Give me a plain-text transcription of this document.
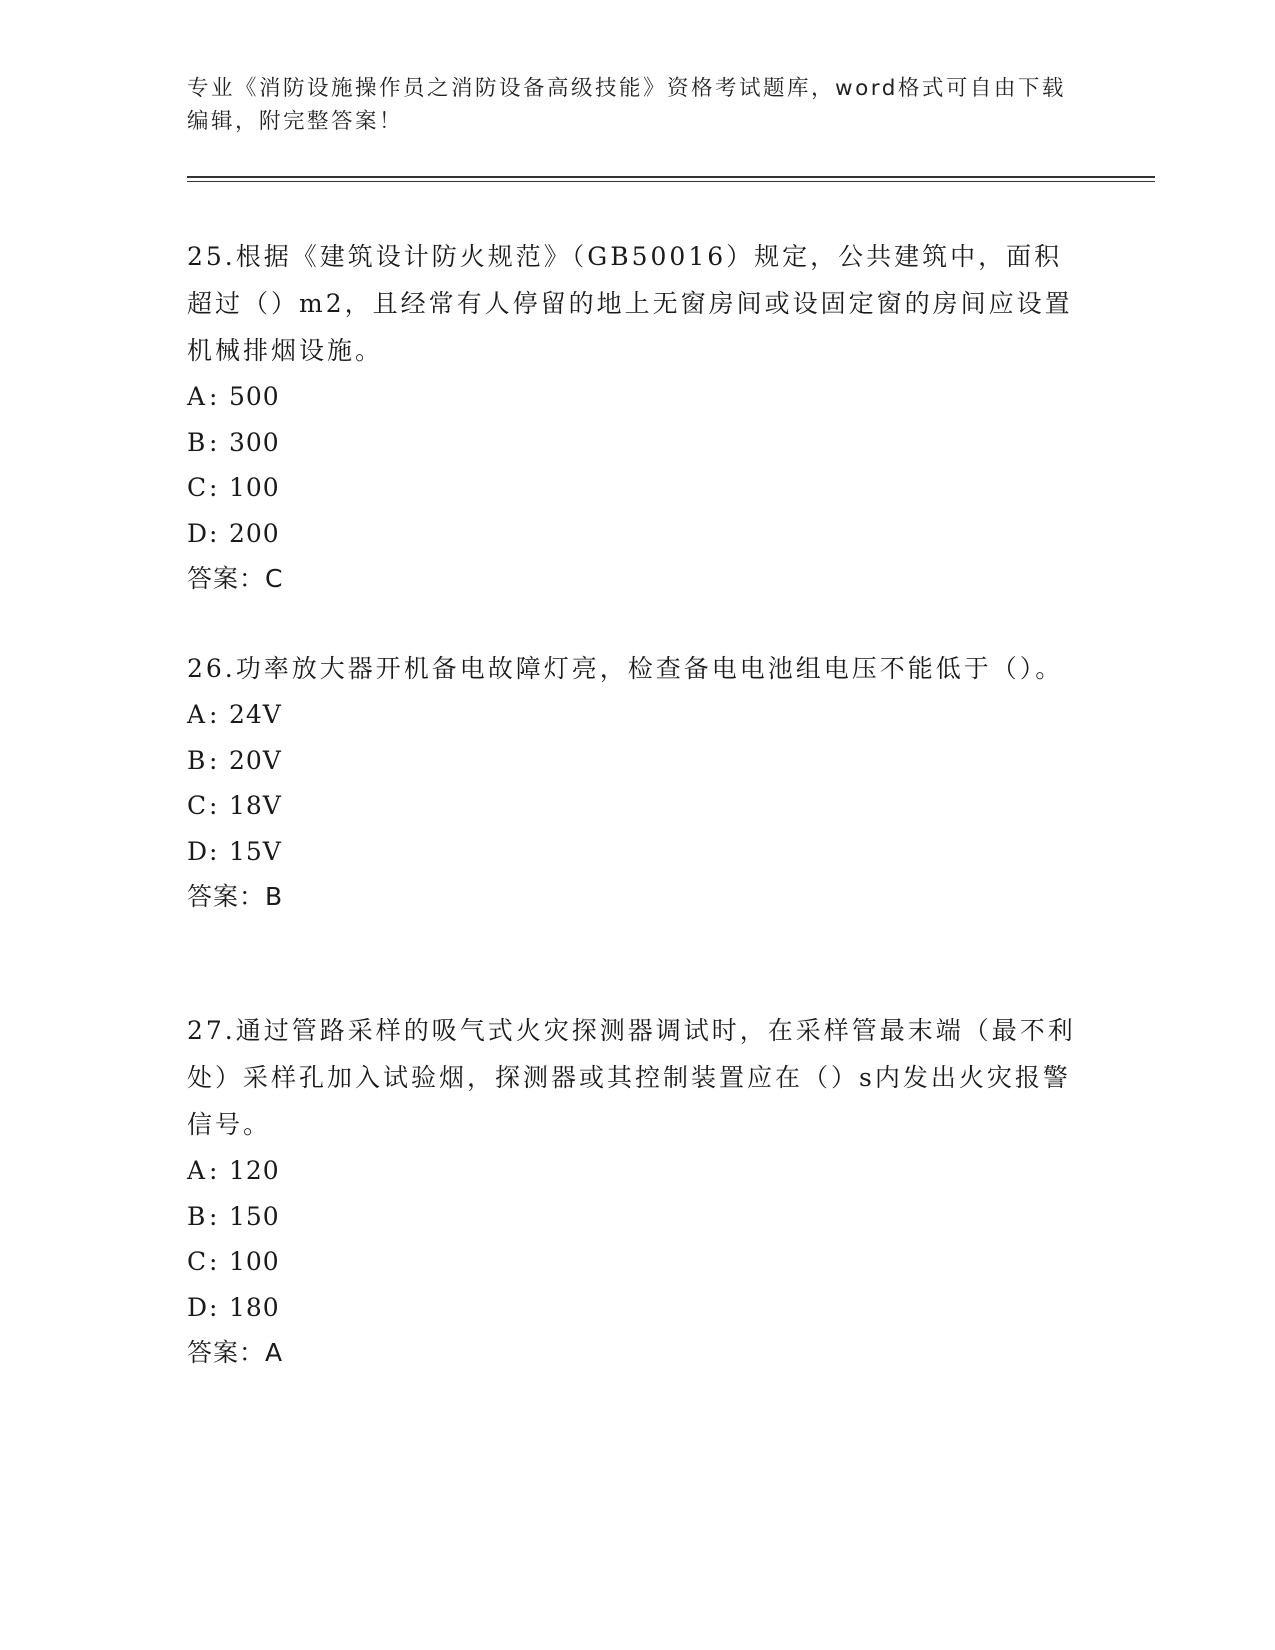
专业《消防设施操作员之消防设备高级技能》资格考试题库，word格式可自由下载编辑，附完整答案！

25.根据《建筑设计防火规范》（GB50016）规定，公共建筑中，面积超过（）m2，且经常有人停留的地上无窗房间或设固定窗的房间应设置机械排烟设施。

A : 500
B : 300
C: 100
D: 200
答案：C

26.功率放大器开机备电故障灯亮，检查备电电池组电压不能低于（）。

A : 24V
B : 20V
C: 18V
D: 15V
答案：B

27.通过管路采样的吸气式火灾探测器调试时，在采样管最末端（最不利处）采样孔加入试验烟，探测器或其控制装置应在（）s内发出火灾报警信号。

A : 120
B : 150
C: 100
D: 180
答案：A
